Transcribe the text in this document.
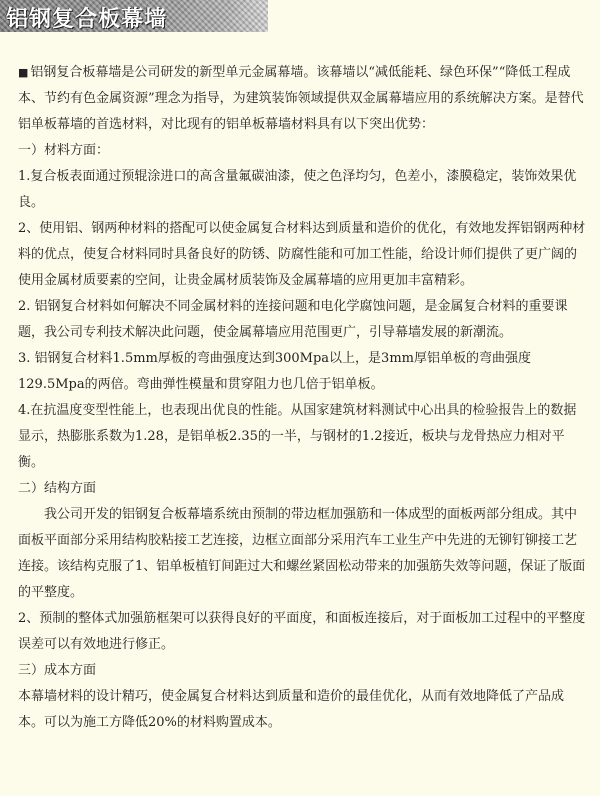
铝钢复合板幕墙

■ 铝钢复合板幕墙是公司研发的新型单元金属幕墙。该幕墙以“减低能耗、绿色环保”“降低工程成本、节约有色金属资源”理念为指导，为建筑装饰领域提供双金属幕墙应用的系统解决方案。是替代铝单板幕墙的首选材料，对比现有的铝单板幕墙材料具有以下突出优势：

一）材料方面：

1.复合板表面通过预辊涂进口的高含量氟碳油漆，使之色泽均匀，色差小，漆膜稳定，装饰效果优良。

2、使用铝、钢两种材料的搭配可以使金属复合材料达到质量和造价的优化，有效地发挥铝钢两种材料的优点，使复合材料同时具备良好的防锈、防腐性能和可加工性能，给设计师们提供了更广阔的使用金属材质要素的空间，让贵金属材质装饰及金属幕墙的应用更加丰富精彩。

2. 铝钢复合材料如何解决不同金属材料的连接问题和电化学腐蚀问题，是金属复合材料的重要课题，我公司专利技术解决此问题，使金属幕墙应用范围更广，引导幕墙发展的新潮流。

3. 铝钢复合材料1.5mm厚板的弯曲强度达到300Mpa以上，是3mm厚铝单板的弯曲强度129.5Mpa的两倍。弯曲弹性模量和贯穿阻力也几倍于铝单板。

4.在抗温度变型性能上，也表现出优良的性能。从国家建筑材料测试中心出具的检验报告上的数据显示，热膨胀系数为1.28，是铝单板2.35的一半，与钢材的1.2接近，板块与龙骨热应力相对平衡。

二）结构方面

我公司开发的铝钢复合板幕墙系统由预制的带边框加强筋和一体成型的面板两部分组成。其中面板平面部分采用结构胶粘接工艺连接，边框立面部分采用汽车工业生产中先进的无铆钉铆接工艺连接。该结构克服了1、铝单板植钉间距过大和螺丝紧固松动带来的加强筋失效等问题，保证了版面的平整度。

2、预制的整体式加强筋框架可以获得良好的平面度，和面板连接后，对于面板加工过程中的平整度误差可以有效地进行修正。

三）成本方面

本幕墙材料的设计精巧，使金属复合材料达到质量和造价的最佳优化，从而有效地降低了产品成本。可以为施工方降低20%的材料购置成本。
